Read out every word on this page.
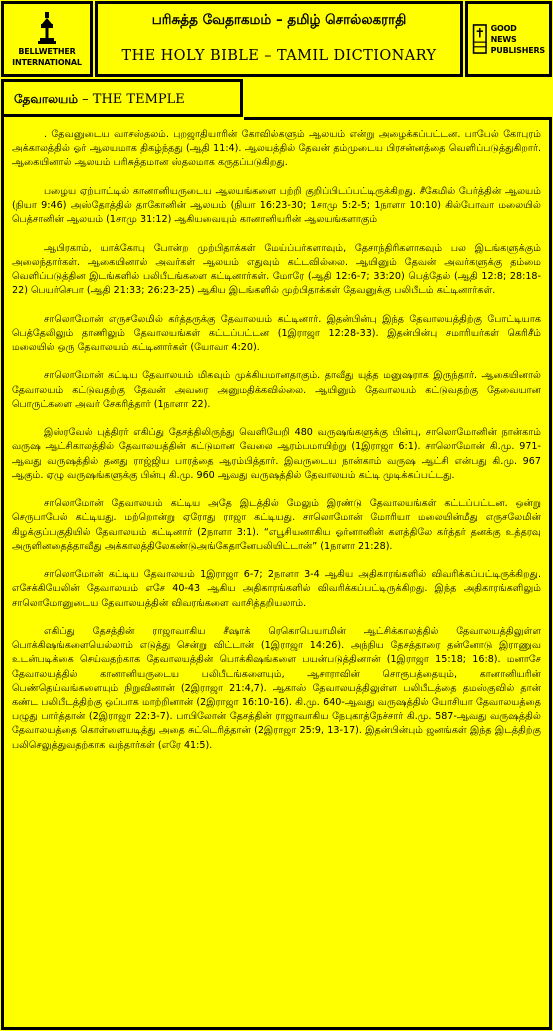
BELLWETHER
INTERNATIONAL
பரிசுத்த வேதாகமம் – தமிழ் சொல்லகராதி
THE HOLY BIBLE – TAMIL DICTIONARY
GOOD NEWS
PUBLISHERS
தேவாலயம் – THE TEMPLE

. தேவனுடைய வாசஸ்தலம். புறஜாதியாரின் கோவில்களும் ஆலயம் என்று அழைக்கப்பட்டன. பாபேல் கோபுரம் அக்காலத்தில் ஓர் ஆலயமாக திகழ்ந்தது (ஆதி 11:4). ஆலயத்தில் தேவன் தம்முடைய பிரசன்னத்தை வெளிப்படுத்துகிறார். ஆகையினால் ஆலயம் பரிசுத்தமான ஸ்தலமாக கருதப்படுகிறது.

பழைய ஏற்பாட்டில் கானானியருடைய ஆலயங்களை பற்றி குறிப்பிடப்பட்டிருக்கிறது. சீகேமில் பேர்த்தின் ஆலயம் (நியா 9:46) அஸ்தோத்தில் தாகோனின் ஆலயம் (நியா 16:23-30; 1சாமு 5:2-5; 1நாளா 10:10) கில்போவா மலையில் பெத்சானின் ஆலயம் (1சாமு 31:12) ஆகியவையும் கானானியரின் ஆலயங்களாகும்

ஆபிரகாம், யாக்கோபு போன்ற முற்பிதாக்கள் மேய்ப்பர்களாவும், தேசாந்திரிகளாகவும் பல இடங்களுக்கும் அலைந்தார்கள். ஆகையினால் அவர்கள் ஆலயம் எதுவும் கட்டவில்லை. ஆயினும் தேவன் அவர்களுக்கு தம்மை வெளிப்படுத்தின இடங்களில் பலிபீடங்களை கட்டினார்கள். மோரே (ஆதி 12:6-7; 33:20) பெத்தேல் (ஆதி 12:8; 28:18-22) பெயர்செபா (ஆதி 21:33; 26:23-25) ஆகிய இடங்களில் முற்பிதாக்கள் தேவனுக்கு பலிபீடம் கட்டினார்கள்.

சாலொமோன் எருசலேமில் கர்த்தருக்கு தேவாலயம் கட்டினார். இதன்பின்பு இந்த தேவாலயத்திற்கு போட்டியாக பெத்தேலிலும் தாணிலும் தேவாலயங்கள் கட்டப்பட்டன (1இராஜா 12:28-33). இதன்பின்பு சமாரியர்கள் கெரிசீம் மலையில் ஒரு தேவாலயம் கட்டினார்கள் (யோவா 4:20).

சாலொமோன் கட்டிய தேவாலயம் மிகவும் முக்கியமானதாகும். தாவீது யுத்த மனுஷராக இருந்தார். ஆகையினால் தேவாலயம் கட்டுவதற்கு தேவன் அவரை அனுமதிக்கவில்லை. ஆயினும் தேவாலயம் கட்டுவதற்கு தேவையான பொருட்களை அவர் சேகரித்தார் (1நாளா 22).

இஸ்ரவேல் புத்திரர் எகிப்து தேசத்திலிருந்து வெளியேறி 480 வருஷங்களுக்கு பின்பு, சாலொமோனின் நான்காம் வருஷ ஆட்சிகாலத்தில் தேவாலயத்தின் கட்டுமான வேலை ஆரம்பமாயிற்று (1இராஜா 6:1). சாலொமோன் கி.மு. 971-ஆவது வருஷத்தில் தனது ராஜ்ஜிய பாரத்தை ஆரம்பித்தார். இவருடைய நான்காம் வருஷ ஆட்சி என்பது கி.மு. 967 ஆகும். ஏழு வருஷங்களுக்கு பின்பு கி.மு. 960 ஆவது வருஷத்தில் தேவாலயம் கட்டி முடிக்கப்பட்டது.

சாலொமோன் தேவாலயம் கட்டிய அதே இடத்தில் மேலும் இரண்டு தேவாலயங்கள் கட்டப்பட்டன. ஒன்று செருபாபேல் கட்டியது. மற்றொன்று ஏரோது ராஜா கட்டியது. சாலொமோன் மோரியா மலையின்மீது எருசலேமின் கிழக்குப்பகுதியில் தேவாலயம் கட்டினார் (2நாளா 3:1). “எபூசியனாகிய ஓர்னானின் களத்திலே கர்த்தர் தனக்கு உத்தரவு அருளினதைத்தாவீது அக்காலத்திலேகண்டுஅங்கேதானேபலியிட்டான்” (1நாளா 21:28).

சாலொமோன் கட்டிய தேவாலயம் 1இராஜா 6-7; 2நாளா 3-4 ஆகிய அதிகாரங்களில் விவரிக்கப்பட்டிருக்கிறது. எசேக்கியேலின் தேவாலயம் எசே 40-43 ஆகிய அதிகாரங்களில் விவரிக்கப்பட்டிருக்கிறது. இந்த அதிகாரங்களிலும் சாலொமோனுடைய தேவாலயத்தின் விவரங்களை வாசித்தறியலாம்.

எகிப்து தேசத்தின் ராஜாவாகிய சீஷாக் ரெகொபெயாமின் ஆட்சிக்காலத்தில் தேவாலயத்திலுள்ள பொக்கிஷங்களையெல்லாம் எடுத்து சென்று விட்டான் (1இராஜா 14:26). அந்நிய தேசத்தாரை தன்னோடு இராணுவ உடன்படிக்கை செய்வதற்காக தேவாலயத்தின் பொக்கிஷங்களை பயன்படுத்தினான் (1இராஜா 15:18; 16:8). மனாசே தேவாலயத்தில் கானானியருடைய பலிபீடங்களையும், ஆசாராவின் சொரூபத்தையும், கானானியரின் பெண்தெய்வங்களையும் நிறுவினான் (2இராஜா 21:4,7). ஆகாஸ் தேவாலயத்திலுள்ள பலிபீடத்தை தமஸ்குவில் தான் கண்ட பலிபீடத்திற்கு ஒப்பாக மாற்றினான் (2இராஜா 16:10-16). கி.மு. 640-ஆவது வருஷத்தில் யோசியா தேவாலயத்தை பழுது பார்த்தான் (2இராஜா 22:3-7). பாபிலோன் தேசத்தின் ராஜாவாகிய நேபுகாத்நேச்சார் கி.மு. 587-ஆவது வருஷத்தில் தேவாலயத்தை கொள்ளையடித்து அதை சுட்டெரித்தான் (2இராஜா 25:9, 13-17). இதன்பின்பும் ஜனங்கள் இந்த இடத்திற்கு பலிசெலுத்துவதற்காக வந்தார்கள் (எரே 41:5).
